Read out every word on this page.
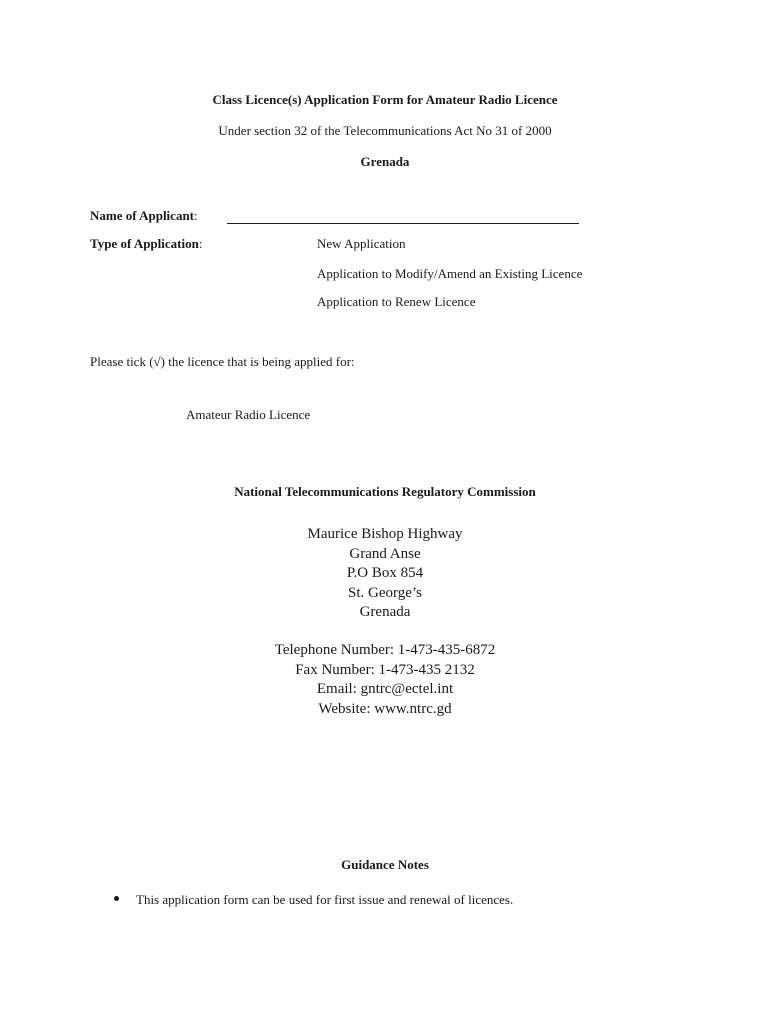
Class Licence(s) Application Form for Amateur Radio Licence
Under section 32 of the Telecommunications Act No 31 of 2000
Grenada
Name of Applicant:
Type of Application:	New Application
Application to Modify/Amend an Existing Licence
Application to Renew Licence
Please tick (√) the licence that is being applied for:
Amateur Radio Licence
National Telecommunications Regulatory Commission
Maurice Bishop Highway
Grand Anse
P.O Box 854
St. George’s
Grenada
Telephone Number: 1-473-435-6872
Fax Number: 1-473-435 2132
Email: gntrc@ectel.int
Website: www.ntrc.gd
Guidance Notes
This application form can be used for first issue and renewal of licences.
